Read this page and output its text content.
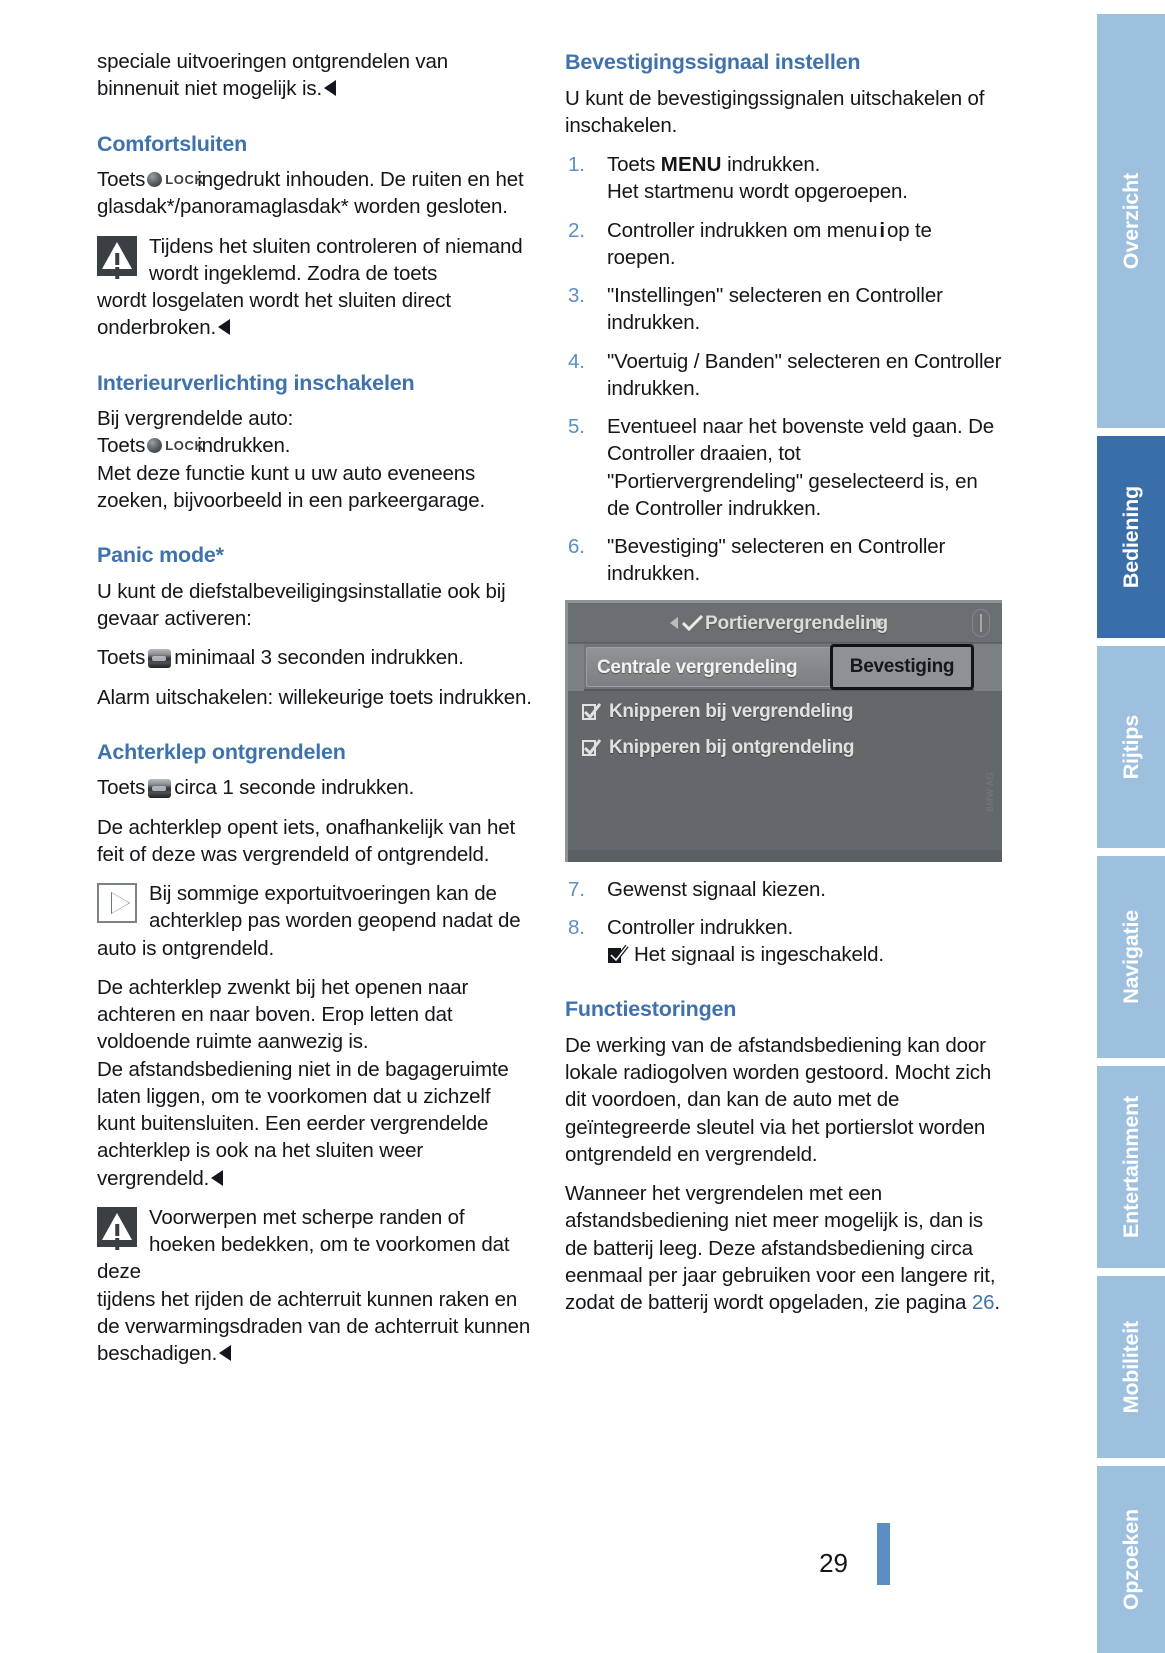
speciale uitvoeringen ontgrendelen van binnenuit niet mogelijk is.

Comfortsluiten

Toets LOCK
ingedrukt inhouden. De ruiten en het glasdak*/panoramaglasdak* worden gesloten.

Tijdens het sluiten controleren of niemand wordt ingeklemd. Zodra de toets
wordt losgelaten wordt het sluiten direct onderbroken.
Interieurverlichting inschakelen

Bij vergrendelde auto:

Toets LOCK
indrukken.

Met deze functie kunt u uw auto eveneens zoeken, bijvoorbeeld in een parkeergarage.

Panic mode*

U kunt de diefstalbeveiligingsinstallatie ook bij gevaar activeren:

Toets minimaal 3 seconden indrukken.

Alarm uitschakelen: willekeurige toets indrukken.

Achterklep ontgrendelen

Toets circa 1 seconde indrukken.

De achterklep opent iets, onafhankelijk van het feit of deze was vergrendeld of ontgrendeld.

Bij sommige exportuitvoeringen kan de achterklep pas worden geopend nadat de
auto is ontgrendeld.

De achterklep zwenkt bij het openen naar achteren en naar boven. Erop letten dat voldoende ruimte aanwezig is.

De afstandsbediening niet in de bagageruimte laten liggen, om te voorkomen dat u zichzelf kunt buitensluiten. Een eerder vergrendelde achterklep is ook na het sluiten weer vergrendeld.

Voorwerpen met scherpe randen of hoeken bedekken, om te voorkomen dat deze
tijdens het rijden de achterruit kunnen raken en de verwarmingsdraden van de achterruit kunnen beschadigen.
Bevestigingssignaal instellen

U kunt de bevestigingssignalen uitschakelen of inschakelen.

1. Toets MENU indrukken.
Het startmenu wordt opgeroepen.
2. Controller indrukken om menuiop te roepen.
3. "Instellingen" selecteren en Controller indrukken.
4. "Voertuig / Banden" selecteren en Controller indrukken.
5. Eventueel naar het bovenste veld gaan. De Controller draaien, tot "Portiervergrendeling" geselecteerd is, en de Controller indrukken.
6. "Bevestiging" selecteren en Controller indrukken.
Portiervergrendeling
Centrale vergrendeling	Bevestiging
Knipperen bij vergrendeling
Knipperen bij ontgrendeling
BMW AG
7. Gewenst signaal kiezen.
8. Controller indrukken.
Het signaal is ingeschakeld.
Functiestoringen

De werking van de afstandsbediening kan door lokale radiogolven worden gestoord. Mocht zich dit voordoen, dan kan de auto met de geïntegreerde sleutel via het portierslot worden ontgrendeld en vergrendeld.

Wanneer het vergrendelen met een afstandsbediening niet meer mogelijk is, dan is de batterij leeg. Deze afstandsbediening circa eenmaal per jaar gebruiken voor een langere rit, zodat de batterij wordt opgeladen, zie pagina 26.

29
Overzicht
Bediening
Rijtips
Navigatie
Entertainment
Mobiliteit
Opzoeken
